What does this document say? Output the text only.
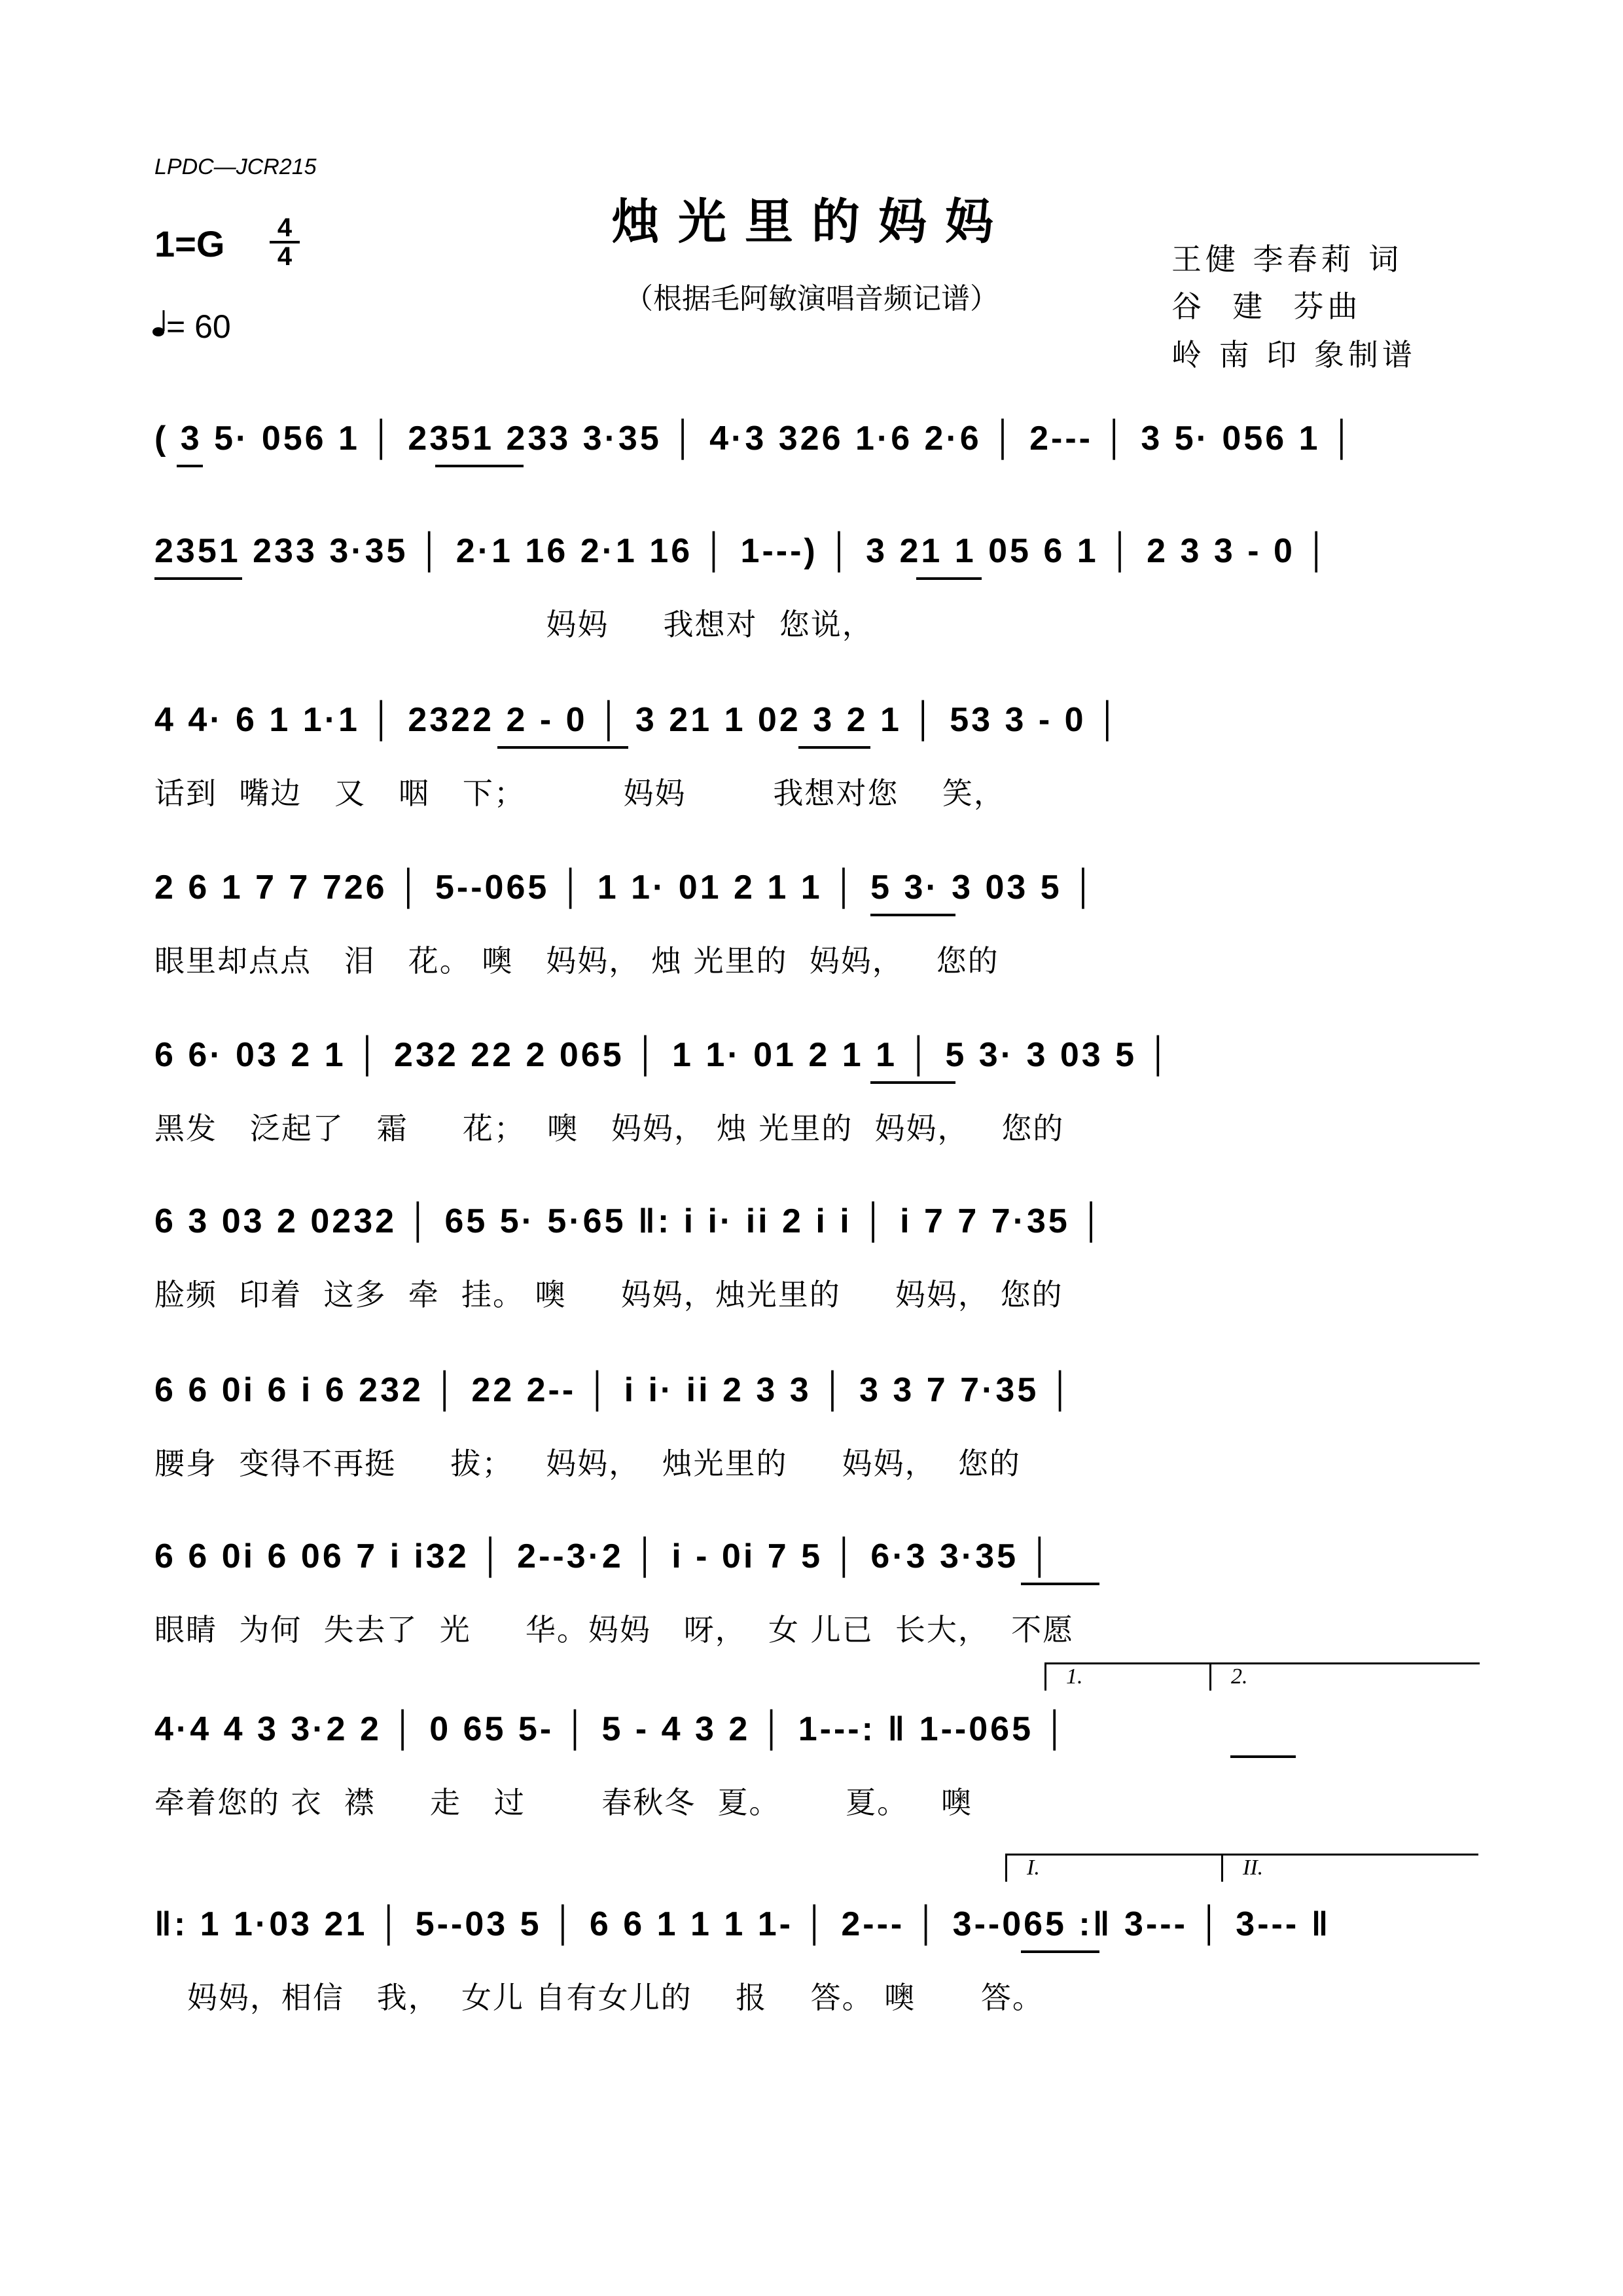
LPDC—JCR215
烛光里的妈妈
（根据毛阿敏演唱音频记谱）
1=G 4
4
= 60
王健 李春莉 词
谷  建  芬曲
岭 南 印 象制谱
( 3 5· 056 1 │ 2351 233 3·35 │ 4·3 326 1·6 2·6 │ 2--- │ 3 5· 056 1 │
2351 233 3·35 │ 2·1 16 2·1 16 │ 1---) │ 3 21 1 05 6 1 │ 2 3 3 - 0 │
妈妈     我想对  您说，
4 4· 6 1 1·1 │ 2322 2 - 0 │ 3 21 1 02 3 2 1 │ 53 3 - 0 │
话到  嘴边   又   咽   下；         妈妈        我想对您    笑，
2 6 1 7 7 726 │ 5--065 │ 1 1· 01 2 1 1 │ 5 3· 3 03 5 │
眼里却点点   泪   花。 噢   妈妈， 烛 光里的  妈妈，   您的
6 6· 03 2 1 │ 232 22 2 065 │ 1 1· 01 2 1 1 │ 5 3· 3 03 5 │
黑发   泛起了   霜     花；  噢   妈妈， 烛 光里的  妈妈，   您的
6 3 03 2 0232 │ 65 5· 5·65 ‖: i i· ii 2 i i │ i 7 7 7·35 │
脸频  印着  这多  牵  挂。 噢     妈妈，烛光里的     妈妈， 您的
6 6 0i 6 i 6 232 │ 22 2-- │ i i· ii 2 3 3 │ 3 3 7 7·35 │
腰身  变得不再挺     拔；   妈妈，  烛光里的     妈妈，  您的
6 6 0i 6 06 7 i i32 │ 2--3·2 │ i - 0i 7 5 │ 6·3 3·35 │
眼睛  为何  失去了  光     华。妈妈   呀，  女 儿已  长大，  不愿
1.	2.
4·4 4 3 3·2 2 │ 0 65 5- │ 5 - 4 3 2 │ 1---: ‖ 1--065 │
牵着您的 衣  襟     走   过       春秋冬  夏。      夏。   噢
I.	II.
‖: 1 1·03 21 │ 5--03 5 │ 6 6 1 1 1 1- │ 2--- │ 3--065 :‖ 3--- │ 3--- ‖
妈妈，相信   我，  女儿 自有女儿的    报    答。 噢      答。
